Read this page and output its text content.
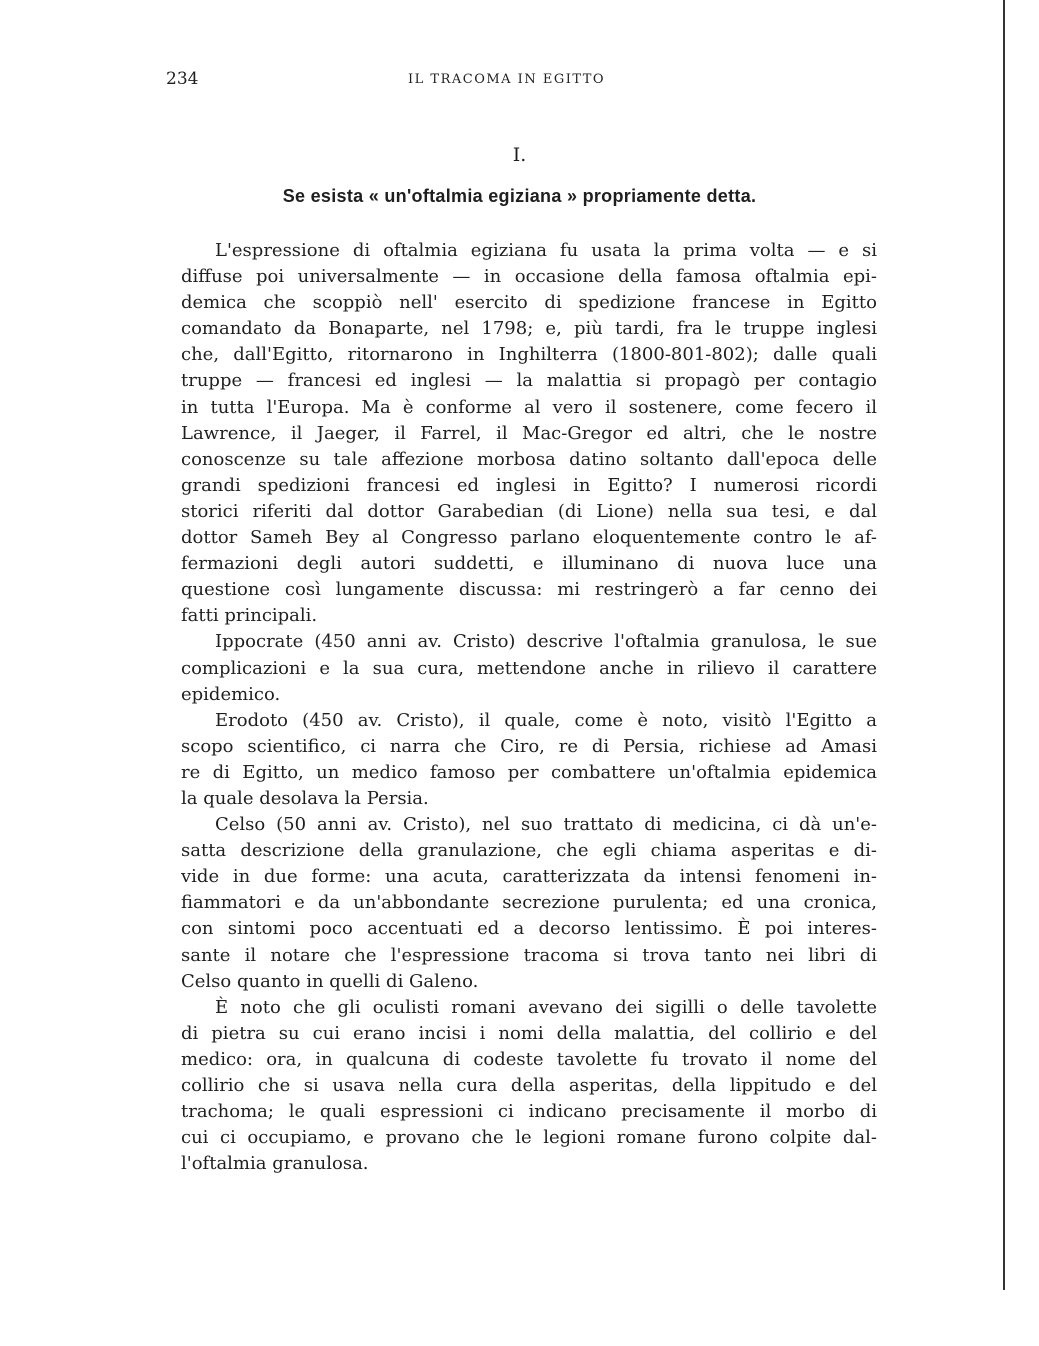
234	IL TRACOMA IN EGITTO
I.
Se esista « un'oftalmia egiziana » propriamente detta.
L'espressione di oftalmia egiziana fu usata la prima volta — e si
diffuse poi universalmente — in occasione della famosa oftalmia epi-
demica che scoppiò nell' esercito di spedizione francese in Egitto
comandato da Bonaparte, nel 1798; e, più tardi, fra le truppe inglesi
che, dall'Egitto, ritornarono in Inghilterra (1800-801-802); dalle quali
truppe — francesi ed inglesi — la malattia si propagò per contagio
in tutta l'Europa. Ma è conforme al vero il sostenere, come fecero il
Lawrence, il Jaeger, il Farrel, il Mac-Gregor ed altri, che le nostre
conoscenze su tale affezione morbosa datino soltanto dall'epoca delle
grandi spedizioni francesi ed inglesi in Egitto? I numerosi ricordi
storici riferiti dal dottor Garabedian (di Lione) nella sua tesi, e dal
dottor Sameh Bey al Congresso parlano eloquentemente contro le af-
fermazioni degli autori suddetti, e illuminano di nuova luce una
questione così lungamente discussa: mi restringerò a far cenno dei
fatti principali.
Ippocrate (450 anni av. Cristo) descrive l'oftalmia granulosa, le sue
complicazioni e la sua cura, mettendone anche in rilievo il carattere
epidemico.
Erodoto (450 av. Cristo), il quale, come è noto, visitò l'Egitto a
scopo scientifico, ci narra che Ciro, re di Persia, richiese ad Amasi
re di Egitto, un medico famoso per combattere un'oftalmia epidemica
la quale desolava la Persia.
Celso (50 anni av. Cristo), nel suo trattato di medicina, ci dà un'e-
satta descrizione della granulazione, che egli chiama asperitas e di-
vide in due forme: una acuta, caratterizzata da intensi fenomeni in-
fiammatori e da un'abbondante secrezione purulenta; ed una cronica,
con sintomi poco accentuati ed a decorso lentissimo. È poi interes-
sante il notare che l'espressione tracoma si trova tanto nei libri di
Celso quanto in quelli di Galeno.
È noto che gli oculisti romani avevano dei sigilli o delle tavolette
di pietra su cui erano incisi i nomi della malattia, del collirio e del
medico: ora, in qualcuna di codeste tavolette fu trovato il nome del
collirio che si usava nella cura della asperitas, della lippitudo e del
trachoma; le quali espressioni ci indicano precisamente il morbo di
cui ci occupiamo, e provano che le legioni romane furono colpite dal-
l'oftalmia granulosa.
